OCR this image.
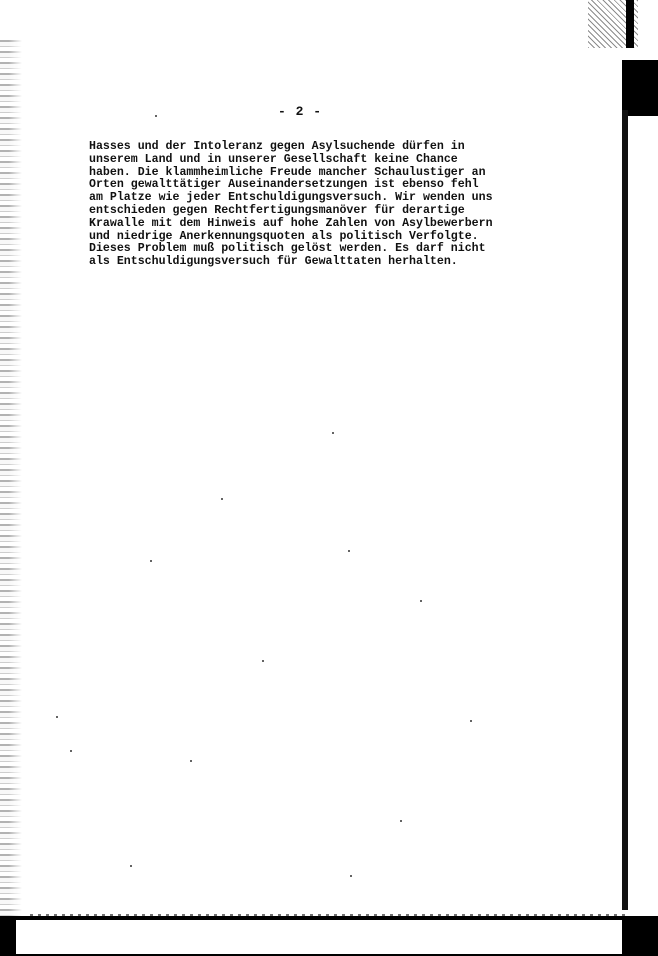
- 2 -

Hasses und der Intoleranz gegen Asylsuchende dürfen in
unserem Land und in unserer Gesellschaft keine Chance
haben. Die klammheimliche Freude mancher Schaulustiger an
Orten gewalttätiger Auseinandersetzungen ist ebenso fehl
am Platze wie jeder Entschuldigungsversuch. Wir wenden uns
entschieden gegen Rechtfertigungsmanöver für derartige
Krawalle mit dem Hinweis auf hohe Zahlen von Asylbewerbern
und niedrige Anerkennungsquoten als politisch Verfolgte.
Dieses Problem muß politisch gelöst werden. Es darf nicht
als Entschuldigungsversuch für Gewalttaten herhalten.
